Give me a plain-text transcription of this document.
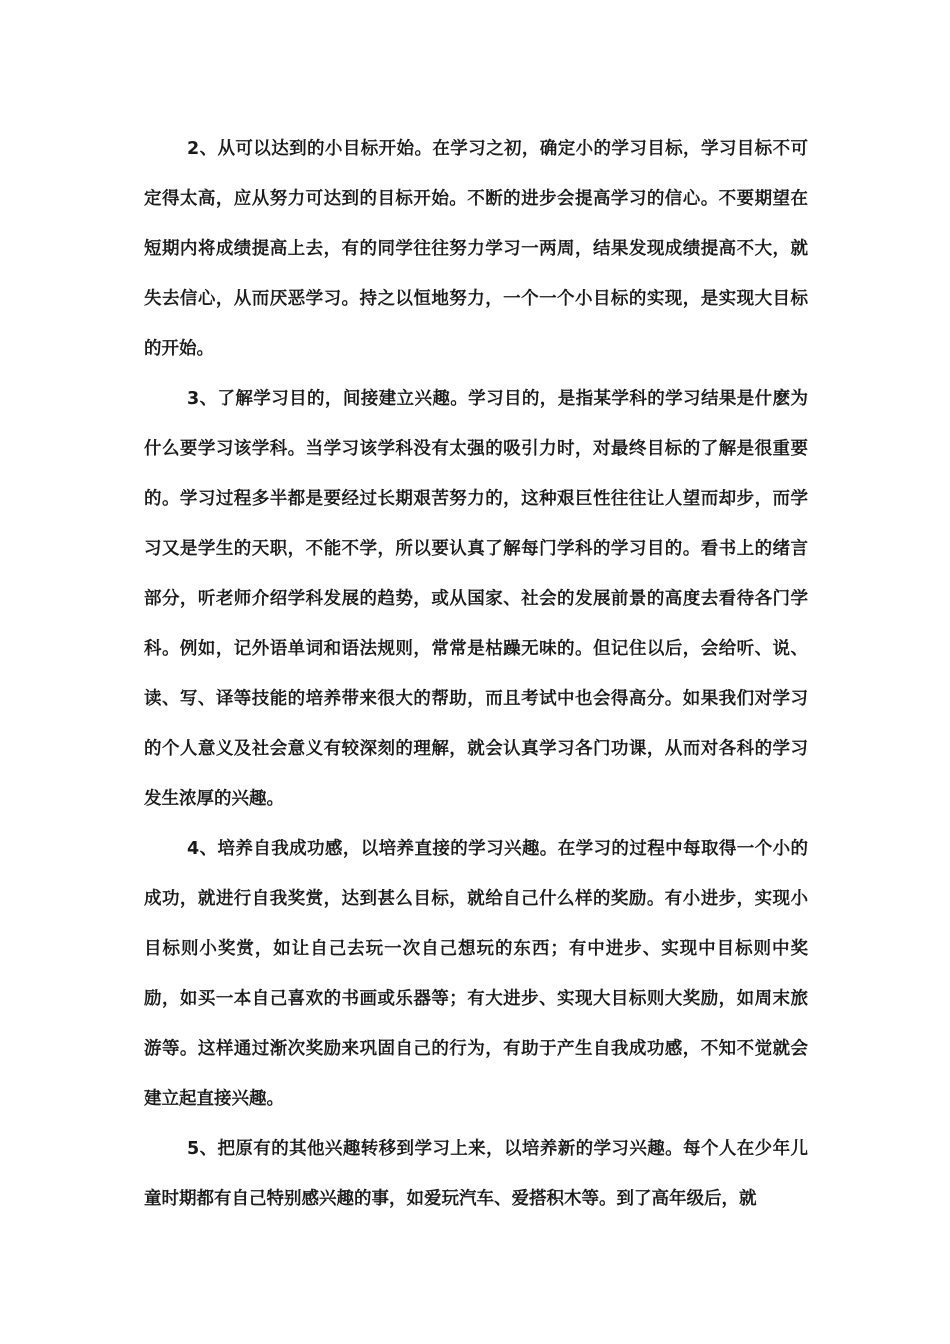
2、从可以达到的小目标开始。在学习之初，确定小的学习目标，学习目标不可定得太高，应从努力可达到的目标开始。不断的进步会提高学习的信心。不要期望在短期内将成绩提高上去，有的同学往往努力学习一两周，结果发现成绩提高不大，就失去信心，从而厌恶学习。持之以恒地努力，一个一个小目标的实现，是实现大目标的开始。

3、了解学习目的，间接建立兴趣。学习目的，是指某学科的学习结果是什麽为什么要学习该学科。当学习该学科没有太强的吸引力时，对最终目标的了解是很重要的。学习过程多半都是要经过长期艰苦努力的，这种艰巨性往往让人望而却步，而学习又是学生的天职，不能不学，所以要认真了解每门学科的学习目的。看书上的绪言部分，听老师介绍学科发展的趋势，或从国家、社会的发展前景的高度去看待各门学科。例如，记外语单词和语法规则，常常是枯躁无味的。但记住以后，会给听、说、读、写、译等技能的培养带来很大的帮助，而且考试中也会得高分。如果我们对学习的个人意义及社会意义有较深刻的理解，就会认真学习各门功课，从而对各科的学习发生浓厚的兴趣。

4、培养自我成功感，以培养直接的学习兴趣。在学习的过程中每取得一个小的成功，就进行自我奖赏，达到甚么目标，就给自己什么样的奖励。有小进步，实现小目标则小奖赏，如让自己去玩一次自己想玩的东西；有中进步、实现中目标则中奖励，如买一本自己喜欢的书画或乐器等；有大进步、实现大目标则大奖励，如周末旅游等。这样通过渐次奖励来巩固自己的行为，有助于产生自我成功感，不知不觉就会建立起直接兴趣。

5、把原有的其他兴趣转移到学习上来，以培养新的学习兴趣。每个人在少年儿童时期都有自己特别感兴趣的事，如爱玩汽车、爱搭积木等。到了高年级后，就
